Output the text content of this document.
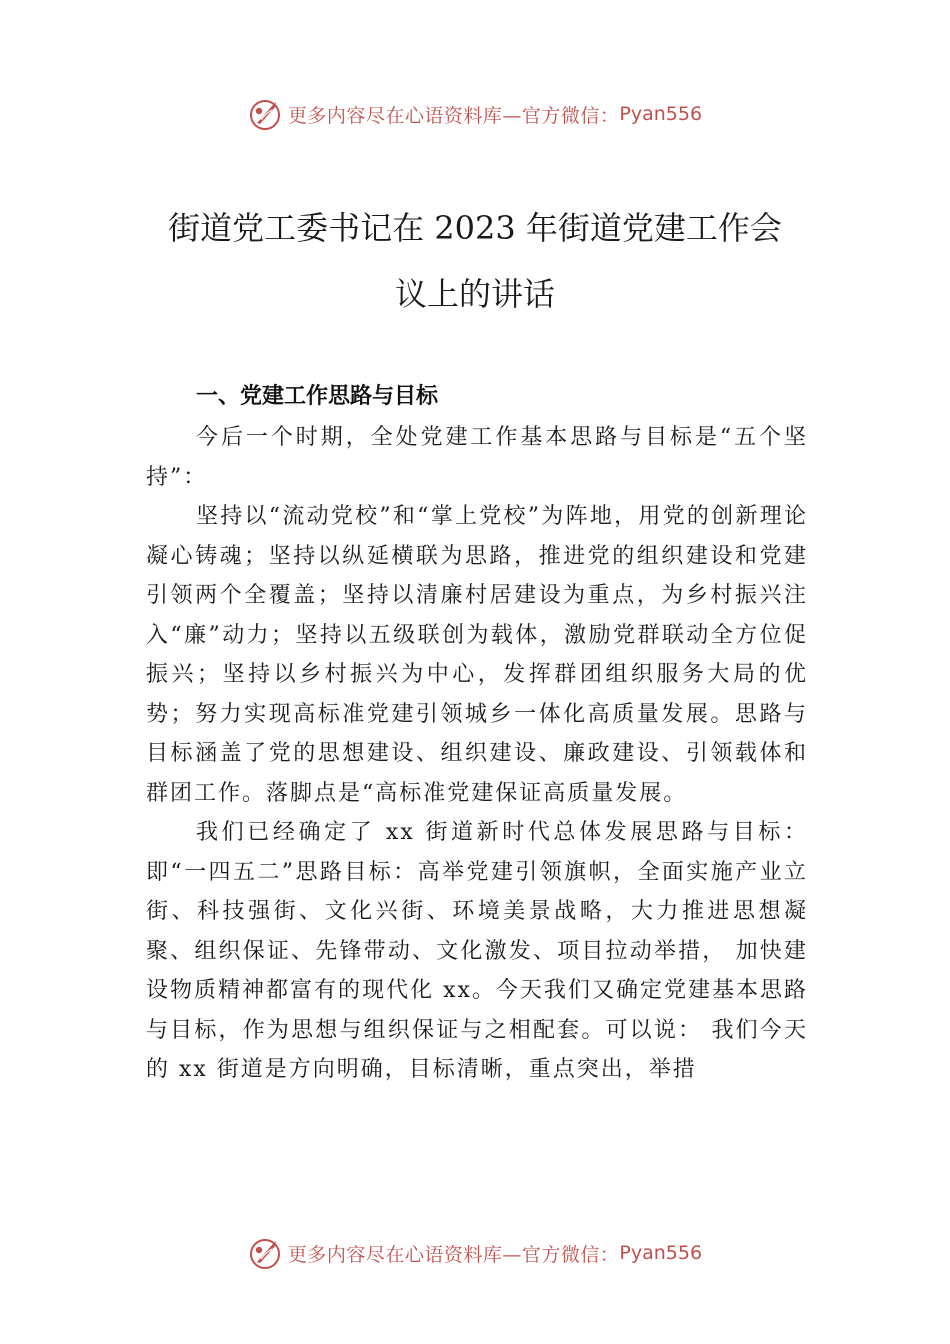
更多内容尽在心语资料库—官方微信： Pyan556
街道党工委书记在 2023 年街道党建工作会
议上的讲话
一、党建工作思路与目标

今后一个时期，全处党建工作基本思路与目标是“五个坚持”：

坚持以“流动党校”和“掌上党校”为阵地，用党的创新理论凝心铸魂；坚持以纵延横联为思路，推进党的组织建设和党建引领两个全覆盖；坚持以清廉村居建设为重点，为乡村振兴注入“廉”动力；坚持以五级联创为载体，激励党群联动全方位促振兴；坚持以乡村振兴为中心，发挥群团组织服务大局的优势；努力实现高标准党建引领城乡一体化高质量发展。思路与目标涵盖了党的思想建设、组织建设、廉政建设、引领载体和群团工作。落脚点是“高标准党建保证高质量发展。

我们已经确定了 xx 街道新时代总体发展思路与目标：即“一四五二”思路目标：高举党建引领旗帜，全面实施产业立街、科技强街、文化兴街、环境美景战略，大力推进思想凝聚、组织保证、先锋带动、文化激发、项目拉动举措， 加快建设物质精神都富有的现代化 xx。今天我们又确定党建基本思路与目标，作为思想与组织保证与之相配套。可以说： 我们今天的 xx 街道是方向明确，目标清晰，重点突出，举措

更多内容尽在心语资料库—官方微信： Pyan556
